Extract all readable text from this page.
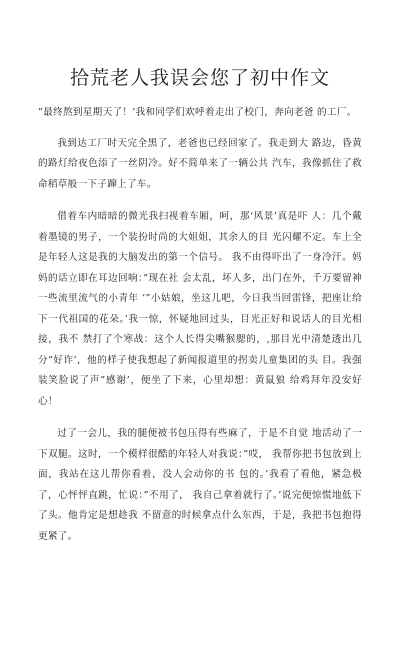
拾荒老人我误会您了初中作文

”最终熬到星期天了！’我和同学们欢呼着走出了校门，奔向老爸 的工厂。

我到达工厂时天完全黑了，老爸也已经回家了。我走到大 路边，昏黄的路灯给夜色添了一丝阴冷。好不简单来了一辆公共 汽车，我像抓住了救命稻草般一下子蹿上了车。

借着车内暗暗的微光我扫视着车厢，呵，那‘风景’真是吓 人：几个戴着墨镜的男子，一个装扮时尚的大姐姐，其余人的目 光闪耀不定。车上全是年轻人这是我的大脑发出的第一个信号。 我不由得吓出了一身冷汗。妈妈的话立即在耳边回响：”现在社 会太乱，坏人多，出门在外，千万要留神一些流里流气的小青年 ’”小姑娘，坐这儿吧，今日我当回雷锋，把座让给下一代祖国的花朵。’我一惊，怀疑地回过头，目光正好和说话人的目光相接，我不 禁打了个寒战：这个人长得尖嘴猴腮的，,那目光中清楚透出几 分”好诈’，他的样子使我想起了新闻报道里的拐卖儿童集团的头 目。我强装笑脸说了声”感谢’，便坐了下来，心里却想：黄鼠狼 给鸡拜年没安好心！

过了一会儿，我的腿便被书包压得有些麻了，于是不自觉 地活动了一下双腿。这时，一个模样很酷的年轻人对我说：”哎， 我帮你把书包放到上面，我站在这儿帮你看着，没人会动你的书 包的。’我看了看他，紧急极了，心怦怦直跳，忙说：”不用了， 我自己拿着就行了。’说完便惊慌地低下了头。他肯定是想趁我 不留意的时候拿点什么东西，于是，我把书包抱得更紧了。
